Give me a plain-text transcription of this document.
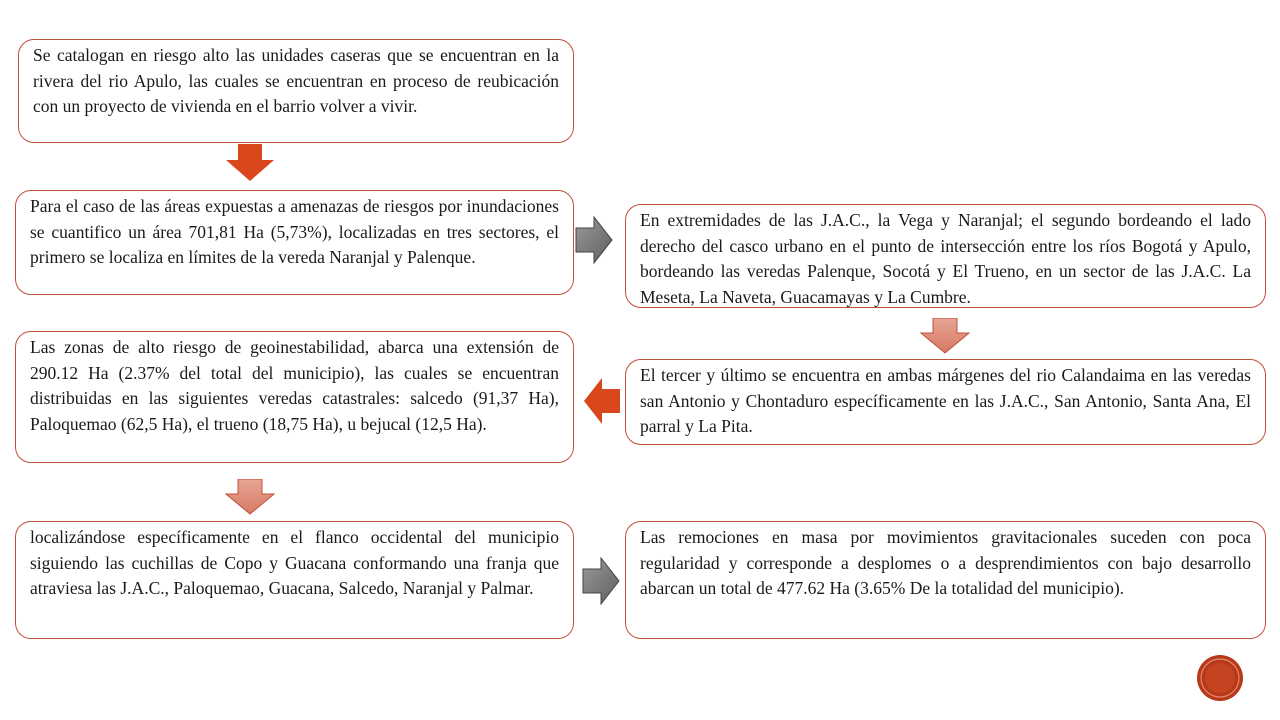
Se catalogan en riesgo alto las unidades caseras que se encuentran en la rivera del rio Apulo, las cuales se encuentran en proceso de reubicación con un proyecto de vivienda en el barrio volver a vivir.
Para el caso de las áreas expuestas a amenazas de riesgos por inundaciones se cuantifico un área 701,81 Ha (5,73%), localizadas en tres sectores, el primero se localiza en límites de la vereda Naranjal y Palenque.
En extremidades de las J.A.C., la Vega y Naranjal; el segundo bordeando el lado derecho del casco urbano en el punto de intersección entre los ríos Bogotá y Apulo, bordeando las veredas Palenque, Socotá y El Trueno, en un sector de las J.A.C. La Meseta, La Naveta, Guacamayas y La Cumbre.
El tercer y último se encuentra en ambas márgenes del rio Calandaima en las veredas san Antonio y Chontaduro específicamente en las J.A.C., San Antonio, Santa Ana, El parral y La Pita.
Las zonas de alto riesgo de geoinestabilidad, abarca una extensión de 290.12 Ha (2.37% del total del municipio), las cuales se encuentran distribuidas en las siguientes veredas catastrales: salcedo (91,37 Ha), Paloquemao (62,5 Ha), el trueno (18,75 Ha), u bejucal (12,5 Ha).
localizándose específicamente en el flanco occidental del municipio siguiendo las cuchillas de Copo y Guacana conformando una franja que atraviesa las J.A.C., Paloquemao, Guacana, Salcedo, Naranjal y Palmar.
Las remociones en masa por movimientos gravitacionales suceden con poca regularidad y corresponde a desplomes o a desprendimientos con bajo desarrollo abarcan un total de 477.62 Ha (3.65% De la totalidad del municipio).
